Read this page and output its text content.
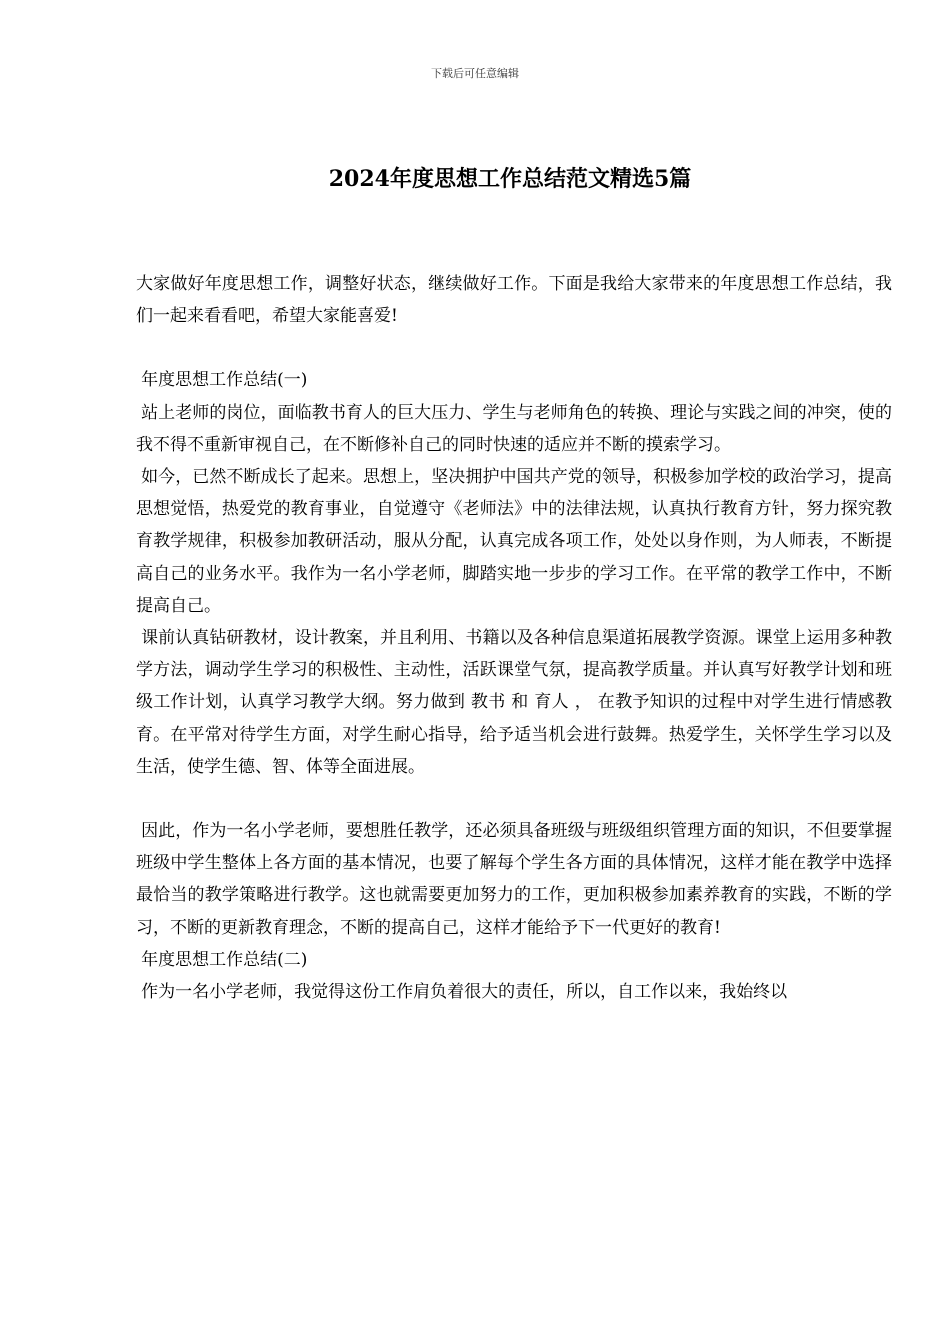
下载后可任意编辑
2024年度思想工作总结范文精选5篇

大家做好年度思想工作，调整好状态，继续做好工作。下面是我给大家带来的年度思想工作总结，我们一起来看看吧，希望大家能喜爱!

年度思想工作总结(一)

站上老师的岗位，面临教书育人的巨大压力、学生与老师角色的转换、理论与实践之间的冲突，使的我不得不重新审视自己，在不断修补自己的同时快速的适应并不断的摸索学习。

如今，已然不断成长了起来。思想上，坚决拥护中国共产党的领导，积极参加学校的政治学习，提高思想觉悟，热爱党的教育事业，自觉遵守《老师法》中的法律法规，认真执行教育方针，努力探究教育教学规律，积极参加教研活动，服从分配，认真完成各项工作，处处以身作则，为人师表，不断提高自己的业务水平。我作为一名小学老师，脚踏实地一步步的学习工作。在平常的教学工作中，不断提高自己。

课前认真钻研教材，设计教案，并且利用、书籍以及各种信息渠道拓展教学资源。课堂上运用多种教学方法，调动学生学习的积极性、主动性，活跃课堂气氛，提高教学质量。并认真写好教学计划和班级工作计划，认真学习教学大纲。努力做到 教书 和 育人 ， 在教予知识的过程中对学生进行情感教育。在平常对待学生方面，对学生耐心指导，给予适当机会进行鼓舞。热爱学生，关怀学生学习以及生活，使学生德、智、体等全面进展。

因此，作为一名小学老师，要想胜任教学，还必须具备班级与班级组织管理方面的知识，不但要掌握班级中学生整体上各方面的基本情况，也要了解每个学生各方面的具体情况，这样才能在教学中选择最恰当的教学策略进行教学。这也就需要更加努力的工作，更加积极参加素养教育的实践，不断的学习，不断的更新教育理念，不断的提高自己，这样才能给予下一代更好的教育!

年度思想工作总结(二)

作为一名小学老师，我觉得这份工作肩负着很大的责任，所以，自工作以来，我始终以
